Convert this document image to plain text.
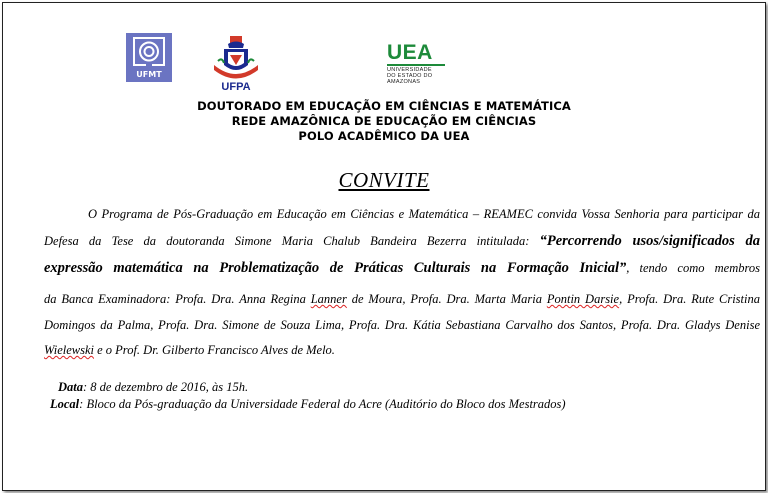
UFMT
UFPA
UEA
UNIVERSIDADE
DO ESTADO DO
AMAZONAS
DOUTORADO EM EDUCAÇÃO EM CIÊNCIAS E MATEMÁTICA
REDE AMAZÔNICA DE EDUCAÇÃO EM CIÊNCIAS
POLO ACADÊMICO DA UEA
CONVITE
O Programa de Pós-Graduação em Educação em Ciências e Matemática – REAMEC convida Vossa Senhoria para participar da
Defesa da Tese da doutoranda Simone Maria Chalub Bandeira Bezerra intitulada: “Percorrendo usos/significados da
expressão matemática na Problematização de Práticas Culturais na Formação Inicial”, tendo como membros
da Banca Examinadora: Profa. Dra. Anna Regina Lanner de Moura, Profa. Dra. Marta Maria Pontin Darsie, Profa. Dra. Rute Cristina
Domingos da Palma, Profa. Dra. Simone de Souza Lima, Profa. Dra. Kátia Sebastiana Carvalho dos Santos, Profa. Dra. Gladys Denise
Wielewski e o Prof. Dr. Gilberto Francisco Alves de Melo.
Data: 8 de dezembro de 2016, às 15h.
Local: Bloco da Pós-graduação da Universidade Federal do Acre (Auditório do Bloco dos Mestrados)
